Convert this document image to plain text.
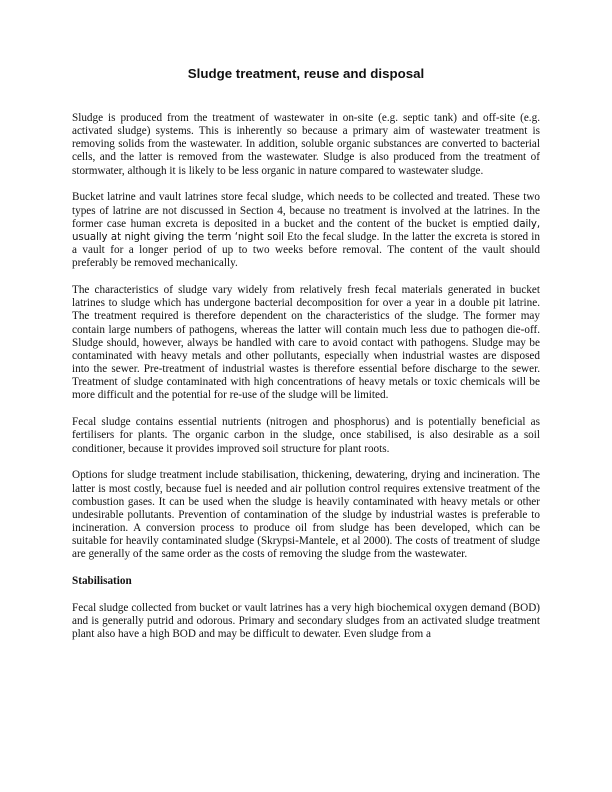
Sludge treatment, reuse and disposal

Sludge is produced from the treatment of wastewater in on-site (e.g. septic tank) and off-site (e.g. activated sludge) systems. This is inherently so because a primary aim of wastewater treatment is removing solids from the wastewater. In addition, soluble organic substances are converted to bacterial cells, and the latter is removed from the wastewater. Sludge is also produced from the treatment of stormwater, although it is likely to be less organic in nature compared to wastewater sludge.

Bucket latrine and vault latrines store fecal sludge, which needs to be collected and treated. These two types of latrine are not discussed in Section 4, because no treatment is involved at the latrines. In the former case human excreta is deposited in a bucket and the content of the bucket is emptied daily, usually at night giving the term ‘night soil Eto the fecal sludge. In the latter the excreta is stored in a vault for a longer period of up to two weeks before removal. The content of the vault should preferably be removed mechanically.

The characteristics of sludge vary widely from relatively fresh fecal materials generated in bucket latrines to sludge which has undergone bacterial decomposition for over a year in a double pit latrine. The treatment required is therefore dependent on the characteristics of the sludge. The former may contain large numbers of pathogens, whereas the latter will contain much less due to pathogen die-off. Sludge should, however, always be handled with care to avoid contact with pathogens. Sludge may be contaminated with heavy metals and other pollutants, especially when industrial wastes are disposed into the sewer. Pre-treatment of industrial wastes is therefore essential before discharge to the sewer. Treatment of sludge contaminated with high concentrations of heavy metals or toxic chemicals will be more difficult and the potential for re-use of the sludge will be limited.

Fecal sludge contains essential nutrients (nitrogen and phosphorus) and is potentially beneficial as fertilisers for plants. The organic carbon in the sludge, once stabilised, is also desirable as a soil conditioner, because it provides improved soil structure for plant roots.

Options for sludge treatment include stabilisation, thickening, dewatering, drying and incineration. The latter is most costly, because fuel is needed and air pollution control requires extensive treatment of the combustion gases. It can be used when the sludge is heavily contaminated with heavy metals or other undesirable pollutants. Prevention of contamination of the sludge by industrial wastes is preferable to incineration. A conversion process to produce oil from sludge has been developed, which can be suitable for heavily contaminated sludge (Skrypsi-Mantele, et al 2000). The costs of treatment of sludge are generally of the same order as the costs of removing the sludge from the wastewater.

Stabilisation

Fecal sludge collected from bucket or vault latrines has a very high biochemical oxygen demand (BOD) and is generally putrid and odorous. Primary and secondary sludges from an activated sludge treatment plant also have a high BOD and may be difficult to dewater. Even sludge from a
